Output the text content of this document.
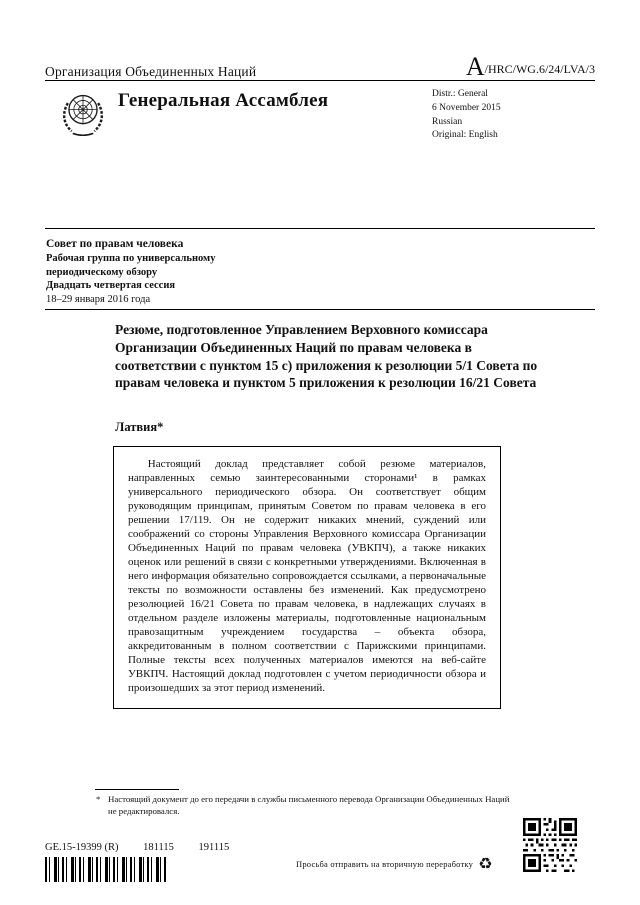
Организация Объединенных Наций	A/HRC/WG.6/24/LVA/3
Генеральная Ассамблея	Distr.: General
6 November 2015
Russian
Original: English
Совет по правам человека
Рабочая группа по универсальному
периодическому обзору
Двадцать четвертая сессия
18–29 января 2016 года
Резюме, подготовленное Управлением Верховного комиссара Организации Объединенных Наций по правам человека в соответствии с пунктом 15 c) приложения к резолюции 5/1 Совета по правам человека и пунктом 5 приложения к резолюции 16/21 Совета
Латвия*
Настоящий доклад представляет собой резюме материалов, направленных семью заинтересованными сторонами¹ в рамках универсального периодического обзора. Он соответствует общим руководящим принципам, принятым Советом по правам человека в его решении 17/119. Он не содержит никаких мнений, суждений или соображений со стороны Управления Верховного комиссара Организации Объединенных Наций по правам человека (УВКПЧ), а также никаких оценок или решений в связи с конкретными утверждениями. Включенная в него информация обязательно сопровождается ссылками, а первоначальные тексты по возможности оставлены без изменений. Как предусмотрено резолюцией 16/21 Совета по правам человека, в надлежащих случаях в отдельном разделе изложены материалы, подготовленные национальным правозащитным учреждением государства – объекта обзора, аккредитованным в полном соответствии с Парижскими принципами. Полные тексты всех полученных материалов имеются на веб-сайте УВКПЧ. Настоящий доклад подготовлен с учетом периодичности обзора и произошедших за этот период изменений.
* Настоящий документ до его передачи в службы письменного перевода Организации Объединенных Наций не редактировался.
GE.15-19399 (R) 181115 191115
Просьба отправить на вторичную переработку ♻
